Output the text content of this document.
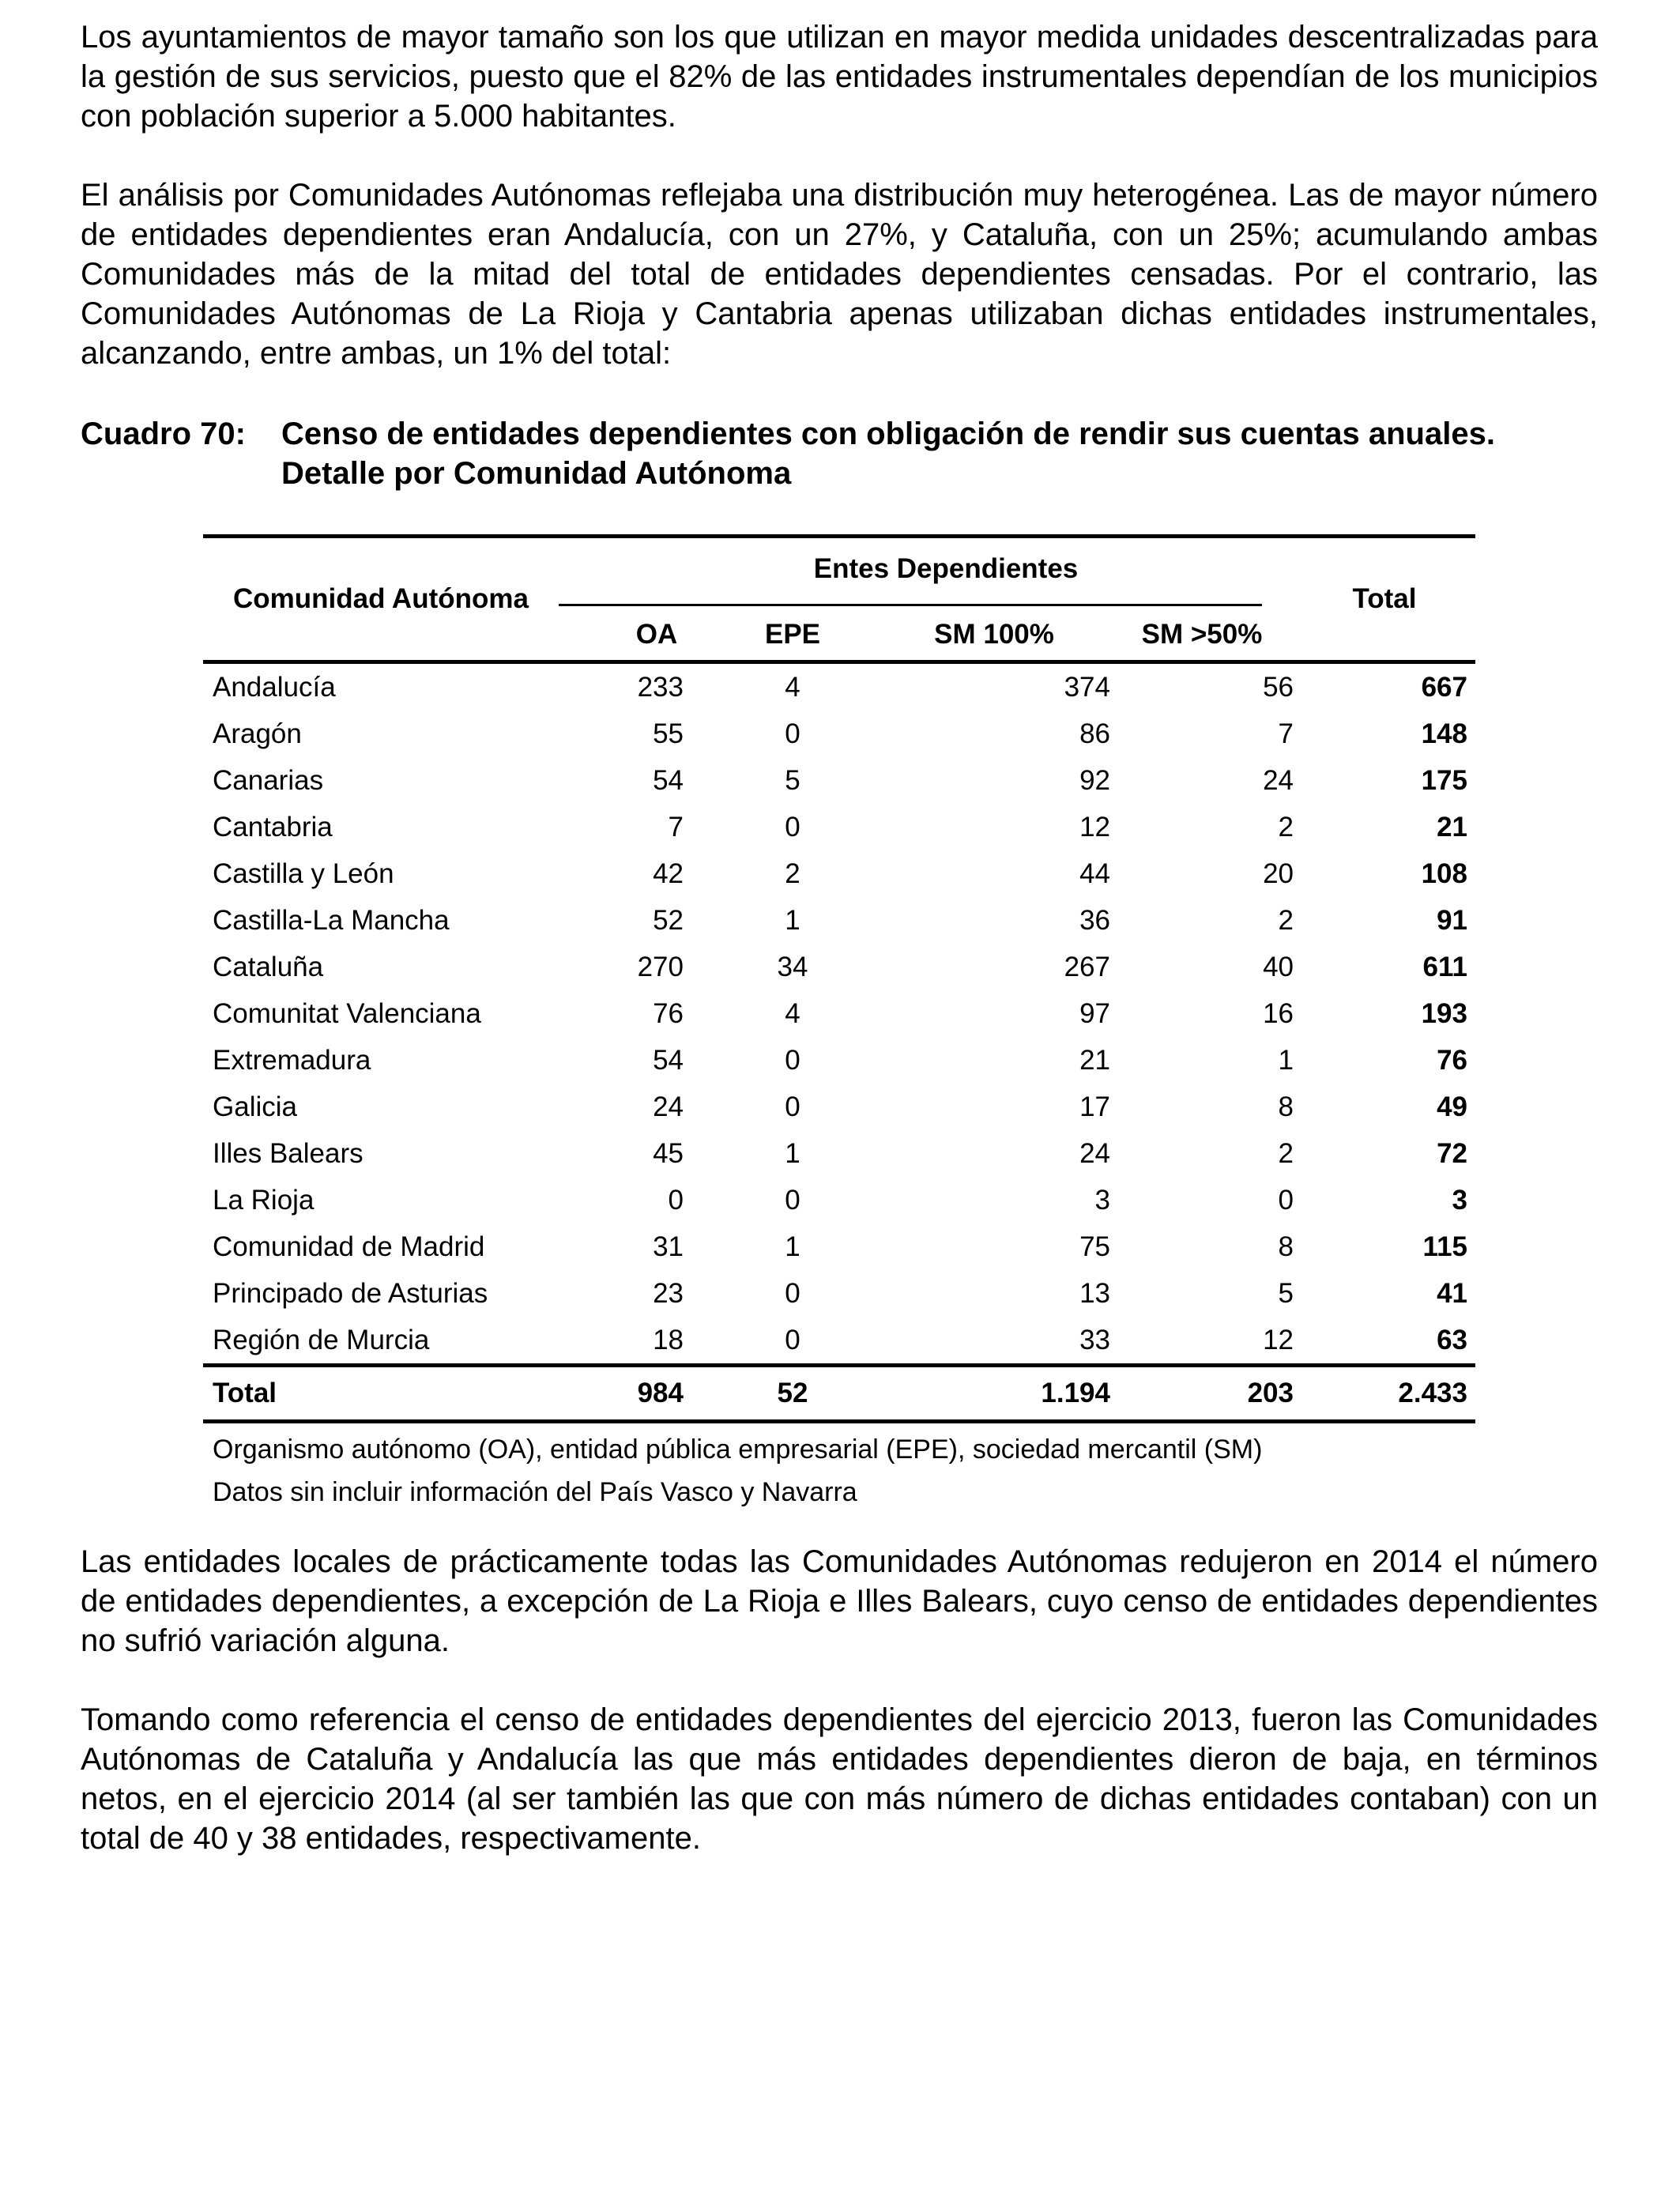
Los ayuntamientos de mayor tamaño son los que utilizan en mayor medida unidades descentralizadas para la gestión de sus servicios, puesto que el 82% de las entidades instrumentales dependían de los municipios con población superior a 5.000 habitantes.

El análisis por Comunidades Autónomas reflejaba una distribución muy heterogénea. Las de mayor número de entidades dependientes eran Andalucía, con un 27%, y Cataluña, con un 25%; acumulando ambas Comunidades más de la mitad del total de entidades dependientes censadas. Por el contrario, las Comunidades Autónomas de La Rioja y Cantabria apenas utilizaban dichas entidades instrumentales, alcanzando, entre ambas, un 1% del total:

Cuadro 70:	Censo de entidades dependientes con obligación de rendir sus cuentas anuales. Detalle por Comunidad Autónoma
Comunidad Autónoma	Entes Dependientes				Total
	OA	EPE	SM 100%	SM >50%	
Andalucía	233	4	374	56	667
Aragón	55	0	86	7	148
Canarias	54	5	92	24	175
Cantabria	7	0	12	2	21
Castilla y León	42	2	44	20	108
Castilla-La Mancha	52	1	36	2	91
Cataluña	270	34	267	40	611
Comunitat Valenciana	76	4	97	16	193
Extremadura	54	0	21	1	76
Galicia	24	0	17	8	49
Illes Balears	45	1	24	2	72
La Rioja	0	0	3	0	3
Comunidad de Madrid	31	1	75	8	115
Principado de Asturias	23	0	13	5	41
Región de Murcia	18	0	33	12	63
Total	984	52	1.194	203	2.433
Organismo autónomo (OA), entidad pública empresarial (EPE), sociedad mercantil (SM)
Datos sin incluir información del País Vasco y Navarra

Las entidades locales de prácticamente todas las Comunidades Autónomas redujeron en 2014 el número de entidades dependientes, a excepción de La Rioja e Illes Balears, cuyo censo de entidades dependientes no sufrió variación alguna.

Tomando como referencia el censo de entidades dependientes del ejercicio 2013, fueron las Comunidades Autónomas de Cataluña y Andalucía las que más entidades dependientes dieron de baja, en términos netos, en el ejercicio 2014 (al ser también las que con más número de dichas entidades contaban) con un total de 40 y 38 entidades, respectivamente.
